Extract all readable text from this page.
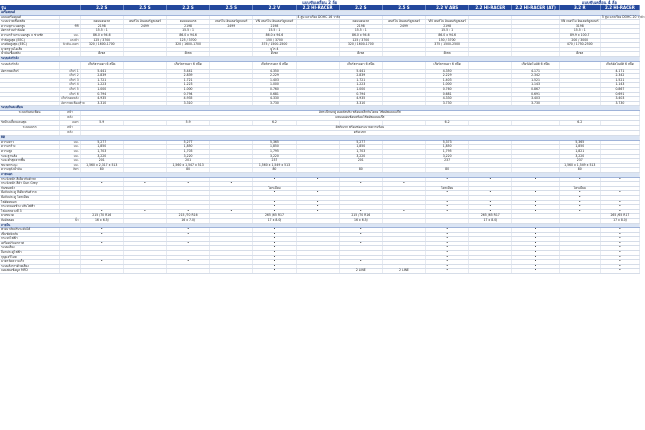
		แบบขับเคลื่อน 2 ล้อ											แบบขับเคลื่อน 4 ล้อ	
รุ่น		2.2 S	2.5 S	2.2 S	2.5 S	2.2 V	2.2 HI-RACER	2.2 S	2.5 S	2.2 V ABS	2.2 HI-RACER	2.2 HI-RACER (AT)	3.2 R	2.2 HI-RACER
เครื่องยนต์														
แบบเครื่องยนต์							4 สูบ แถวเรียง DOHC 16 วาล์ว							5 สูบ แถวเรียง DOHC 20 วาล์ว
ระบบจ่ายเชื้อเพลิง		คอมมอนเรล	เทอร์โบ อินเตอร์คูลเลอร์	คอมมอนเรล	เทอร์โบ อินเตอร์คูลเลอร์	VN เทอร์โบ อินเตอร์คูลเลอร์		คอมมอนเรล	เทอร์โบ อินเตอร์คูลเลอร์	VN เทอร์โบ อินเตอร์คูลเลอร์			VN เทอร์โบ อินเตอร์คูลเลอร์	
ความจุกระบอกสูบ	ซีซี	2198	2499	2198	2499	2198		2198	2499	2198			3198	
อัตราส่วนกำลังอัด		15.5 : 1		15.5 : 1		15.5 : 1		15.5 : 1		15.5 : 1			15.5 : 1	
ความกว้างกระบอกสูบ x ช่วงชัก	มม.	86.0 x 94.6		86.0 x 94.6		86.0 x 94.6		86.0 x 94.6		86.0 x 94.6			89.9 x 100.7	
กำลังสูงสุด (EEC)	แรงม้า	125 / 3700		125 / 3700		150 / 3700		125 / 3700		150 / 3700			200 / 3000	
แรงบิดสูงสุด (EEC)	นิวตัน-เมตร	320 / 1600-1700		320 / 1600-1700		375 / 1500-2500		320 / 1600-1700		375 / 1500-2500			470 / 1750-2500	
มาตรฐานไอเสีย						ยูโร 4								
น้ำมันเชื้อเพลิง		ดีเซล		ดีเซล		ดีเซล		ดีเซล		ดีเซล			ดีเซล	
ระบบส่งกำลัง														
ระบบส่งกำลัง		เกียร์ธรรมดา 6 สปีด		เกียร์ธรรมดา 6 สปีด		เกียร์ธรรมดา 6 สปีด		เกียร์ธรรมดา 6 สปีด		เกียร์ธรรมดา 6 สปีด		เกียร์อัตโนมัติ 6 สปีด		เกียร์อัตโนมัติ 6 สปีด
อัตราทดเกียร์	เกียร์ 1	5.441		5.441		4.350		5.441		4.350		4.171		4.171
	เกียร์ 2	2.839		2.839		2.229		2.839		2.229		2.342		2.342
	เกียร์ 3	1.721		1.721		1.403		1.721		1.403		1.521		1.521
	เกียร์ 4	1.223		1.223		1.000		1.223		1.000		1.143		1.143
	เกียร์ 5	1.000		1.000		0.760		1.000		0.760		0.867		0.867
	เกียร์ 6	0.794		0.794		0.681		0.794		0.681		0.691		0.691
	เกียร์ถอยหลัง	4.935		4.935		4.330		4.935		4.330		3.403		3.403
	อัตราทดเฟืองท้าย	3.310		3.310		3.730		3.310		3.730		3.730		3.730
ระบบกันสะเทือน														
ระบบกันสะเทือน	หน้า	อิสระปีกนกคู่ คอยล์สปริง พร้อมเหล็กกันโคลง โช้คอัพแบบแก๊ส												
	หลัง	แหนบแผ่นซ้อนพร้อมโช้คอัพแบบแก๊ส												
รัศมีวงเลี้ยวแคบสุด	เมตร	5.9		5.9		6.2				6.2			6.2	
ระบบเบรก	หน้า	ดิสก์เบรก พร้อมช่องระบายความร้อน												
	หลัง	ดรัมเบรก												
มิติ														
ความยาว	มม.	5,277		5,277		5,365		5,277		5,373			5,365	
ความกว้าง	มม.	1,850		1,850		1,850		1,850		1,850			1,850	
ความสูง	มม.	1,703		1,703		1,795		1,703		1,795			1,821	
ระยะฐานล้อ	มม.	3,220		3,220		3,220		3,220		3,220			3,220	
ระยะต่ำสุดจากพื้น	มม.	201		201		237		201		237			237	
ขนาดกระบะ	มม.	1,560 x 2,317 x 513		1,560 x 1,547 x 513		1,560 x 1,549 x 513							1,560 x 1,549 x 513	
ความจุถังน้ำมัน	ลิตร	80		80		80		80		80			80	
ภายนอก														
กระจังหน้า สีเดียวกับตัวรถ						•	•			•	•	•	•	•
กระจังหน้า สีดำ Gun Grey		•	•	•	•			•	•					
กันชนหน้า						โครเมี่ยม				โครเมี่ยม			โครเมี่ยม	
มือจับประตู สีเดียวกับตัวรถ						•	•			•	•	•	•	•
มือจับประตู โครเมี่ยม													•	
ไฟตัดหมอก						•	•			•	•	•	•	•
กระจกมองข้าง ปรับไฟฟ้า						•	•			•	•	•	•	•
ไฟเบรกดวงที่ 3		•	•	•	•	•	•	•	•	•	•	•	•	•
ยางขนาด		215 /70 R16		215 /70 R16		265 /65 R17		215 /70 R16			265 /65 R17			265 /65 R17
ล้ออัลลอย	นิ้ว	16 x 6.5J		16 x 7.0J		17 x 8.0J		16 x 6.5J			17 x 8.0J			17 x 8.0J
ภายใน														
พวงมาลัยปรับระดับได้		•		•		•		•		•		•		•
เข็มขัดนิรภัย		•		•		•		•		•		•		•
กระจกไฟฟ้า						•				•		•		•
เครื่องปรับอากาศ		•		•		•		•		•		•		•
ระบบเสียง						•				•		•		•
ล็อกประตูไฟฟ้า						•				•		•		•
กุญแจรีโมท						•				•		•		•
มาตรวัดความเร็ว		•		•		•		•		•		•		•
ระบบสั่งการด้วยเสียง						•				•		•		•
จอแสดงข้อมูล MFD						•		2 LINE	2 LINE	•		•		•
